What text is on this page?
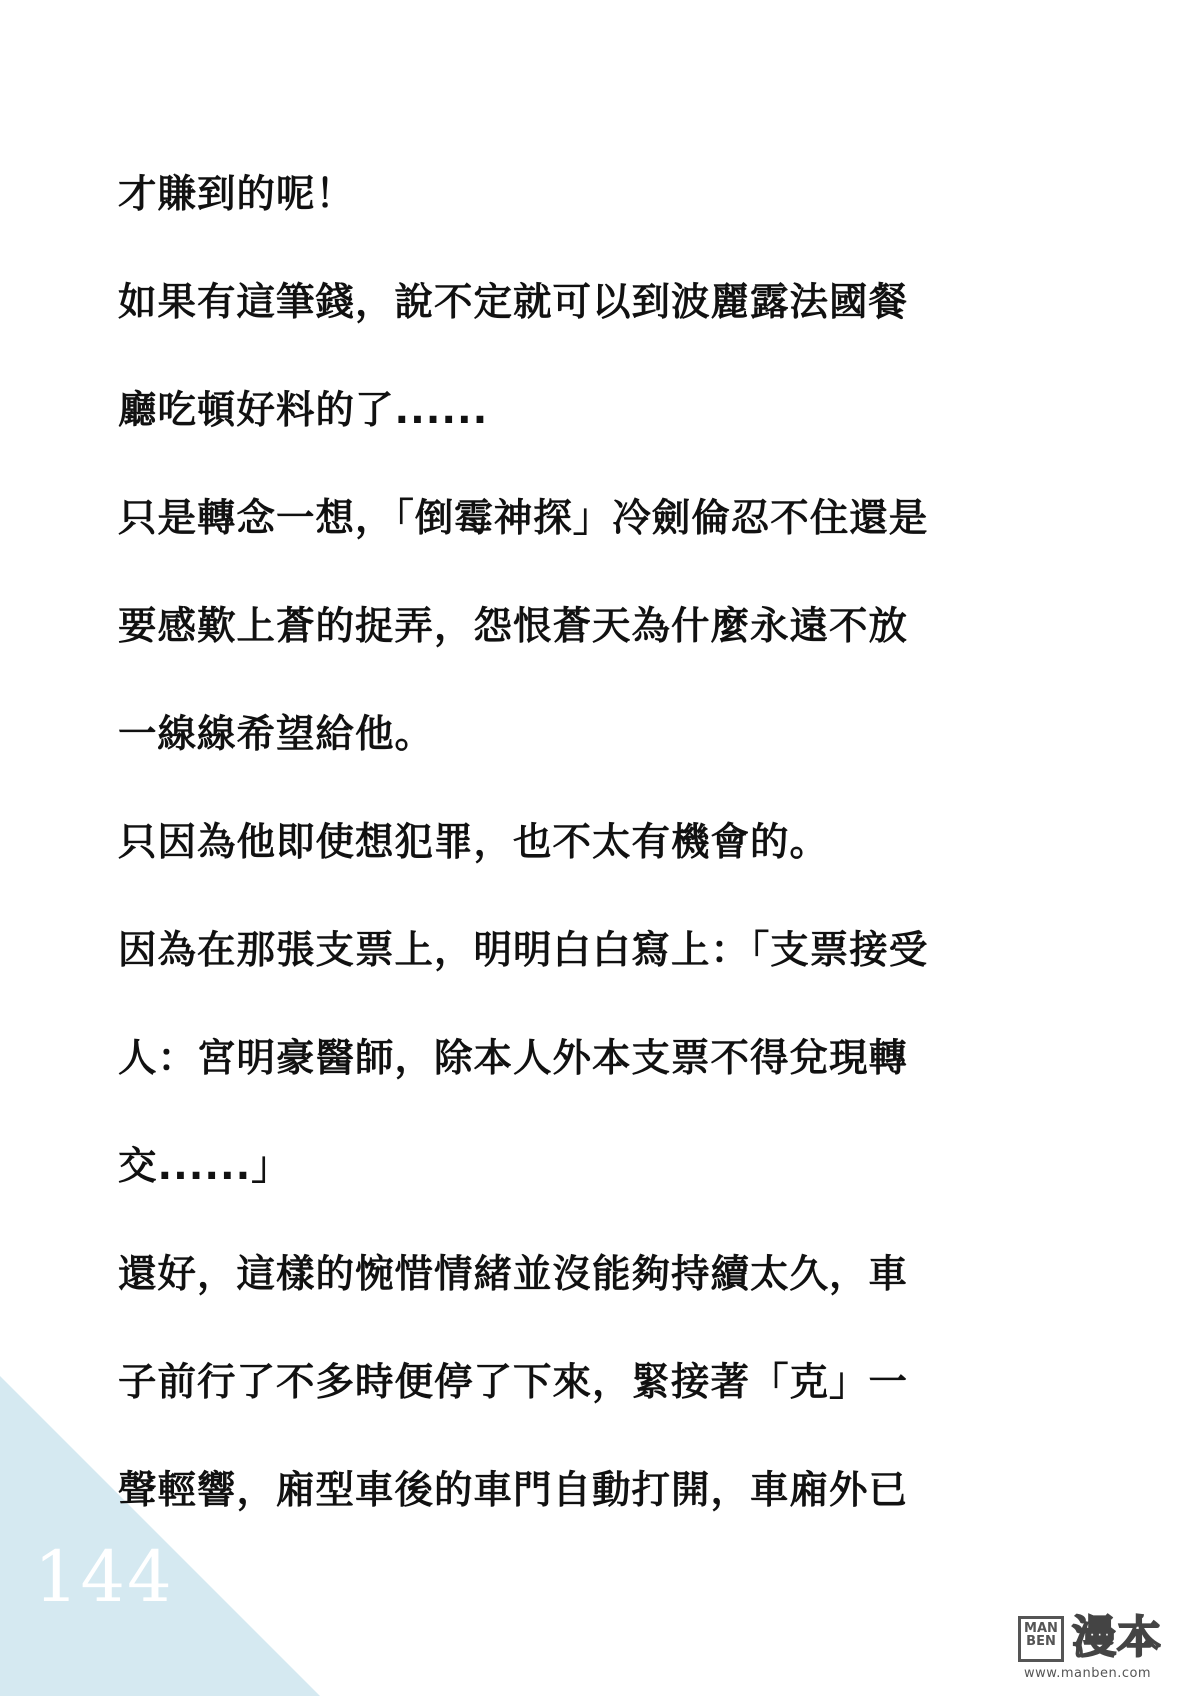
才賺到的呢！
如果有這筆錢，說不定就可以到波麗露法國餐
廳吃頓好料的了......
只是轉念一想，「倒霉神探」冷劍倫忍不住還是
要感歎上蒼的捉弄，怨恨蒼天為什麼永遠不放
一線線希望給他。
只因為他即使想犯罪，也不太有機會的。
因為在那張支票上，明明白白寫上：「支票接受
人：宮明豪醫師，除本人外本支票不得兌現轉
交......」
還好，這樣的惋惜情緒並沒能夠持續太久，車
子前行了不多時便停了下來，緊接著「克」一
聲輕響，廂型車後的車門自動打開，車廂外已
144
MAN BEN 漫本
www.manben.com
